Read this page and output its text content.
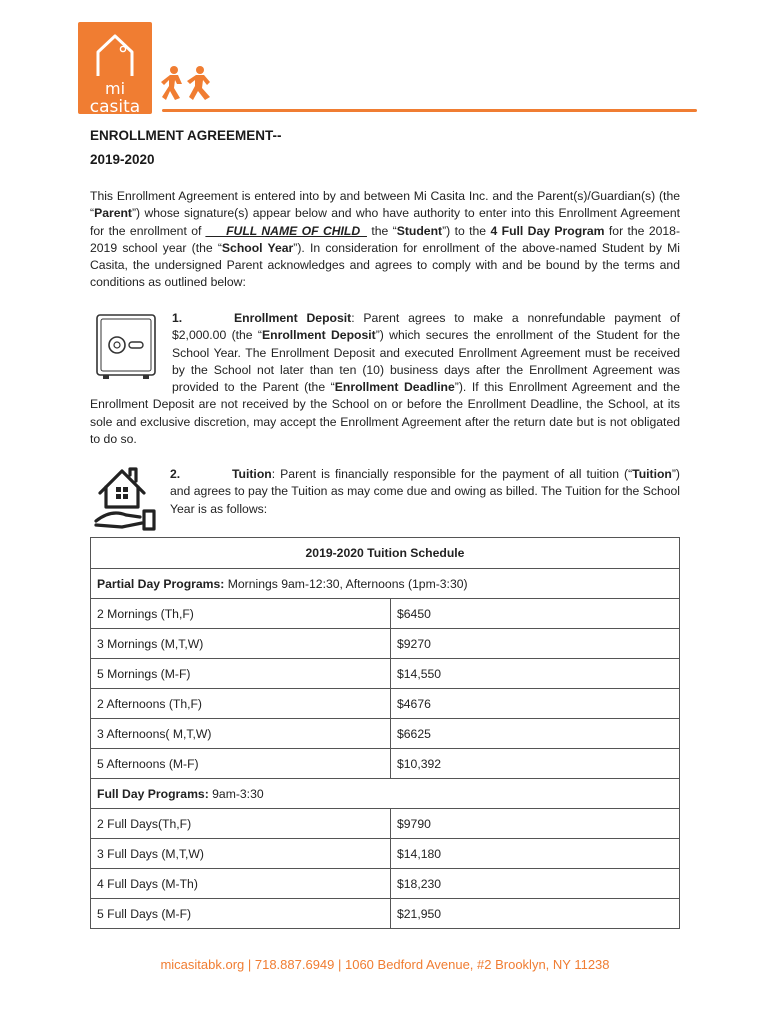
mi
casita
ENROLLMENT AGREEMENT--
2019-2020
This Enrollment Agreement is entered into by and between Mi Casita Inc. and the Parent(s)/Guardian(s) (the “Parent”) whose signature(s) appear below and who have authority to enter into this Enrollment Agreement for the enrollment of ___FULL NAME OF CHILD_ the “Student”) to the 4 Full Day Program for the 2018-2019 school year (the “School Year”). In consideration for enrollment of the above-named Student by Mi Casita, the undersigned Parent acknowledges and agrees to comply with and be bound by the terms and conditions as outlined below:
1.	Enrollment Deposit: Parent agrees to make a nonrefundable payment of $2,000.00 (the “Enrollment Deposit”) which secures the enrollment of the Student for the School Year. The Enrollment Deposit and executed Enrollment Agreement must be received by the School not later than ten (10) business days after the Enrollment Agreement was provided to the Parent (the “Enrollment Deadline”). If this Enrollment Agreement and the Enrollment Deposit are not received by the School on or before the Enrollment Deadline, the School, at its sole and exclusive discretion, may accept the Enrollment Agreement after the return date but is not obligated to do so.
2.	Tuition: Parent is financially responsible for the payment of all tuition (“Tuition”) and agrees to pay the Tuition as may come due and owing as billed. The Tuition for the School Year is as follows:
2019-2020 Tuition Schedule	
Partial Day Programs: Mornings 9am-12:30, Afternoons (1pm-3:30)	
2 Mornings (Th,F)	$6450
3 Mornings (M,T,W)	$9270
5 Mornings (M-F)	$14,550
2 Afternoons (Th,F)	$4676
3 Afternoons( M,T,W)	$6625
5 Afternoons (M-F)	$10,392
Full Day Programs: 9am-3:30	
2 Full Days(Th,F)	$9790
3 Full Days (M,T,W)	$14,180
4 Full Days (M-Th)	$18,230
5 Full Days (M-F)	$21,950
micasitabk.org | 718.887.6949 | 1060 Bedford Avenue, #2 Brooklyn, NY 11238
